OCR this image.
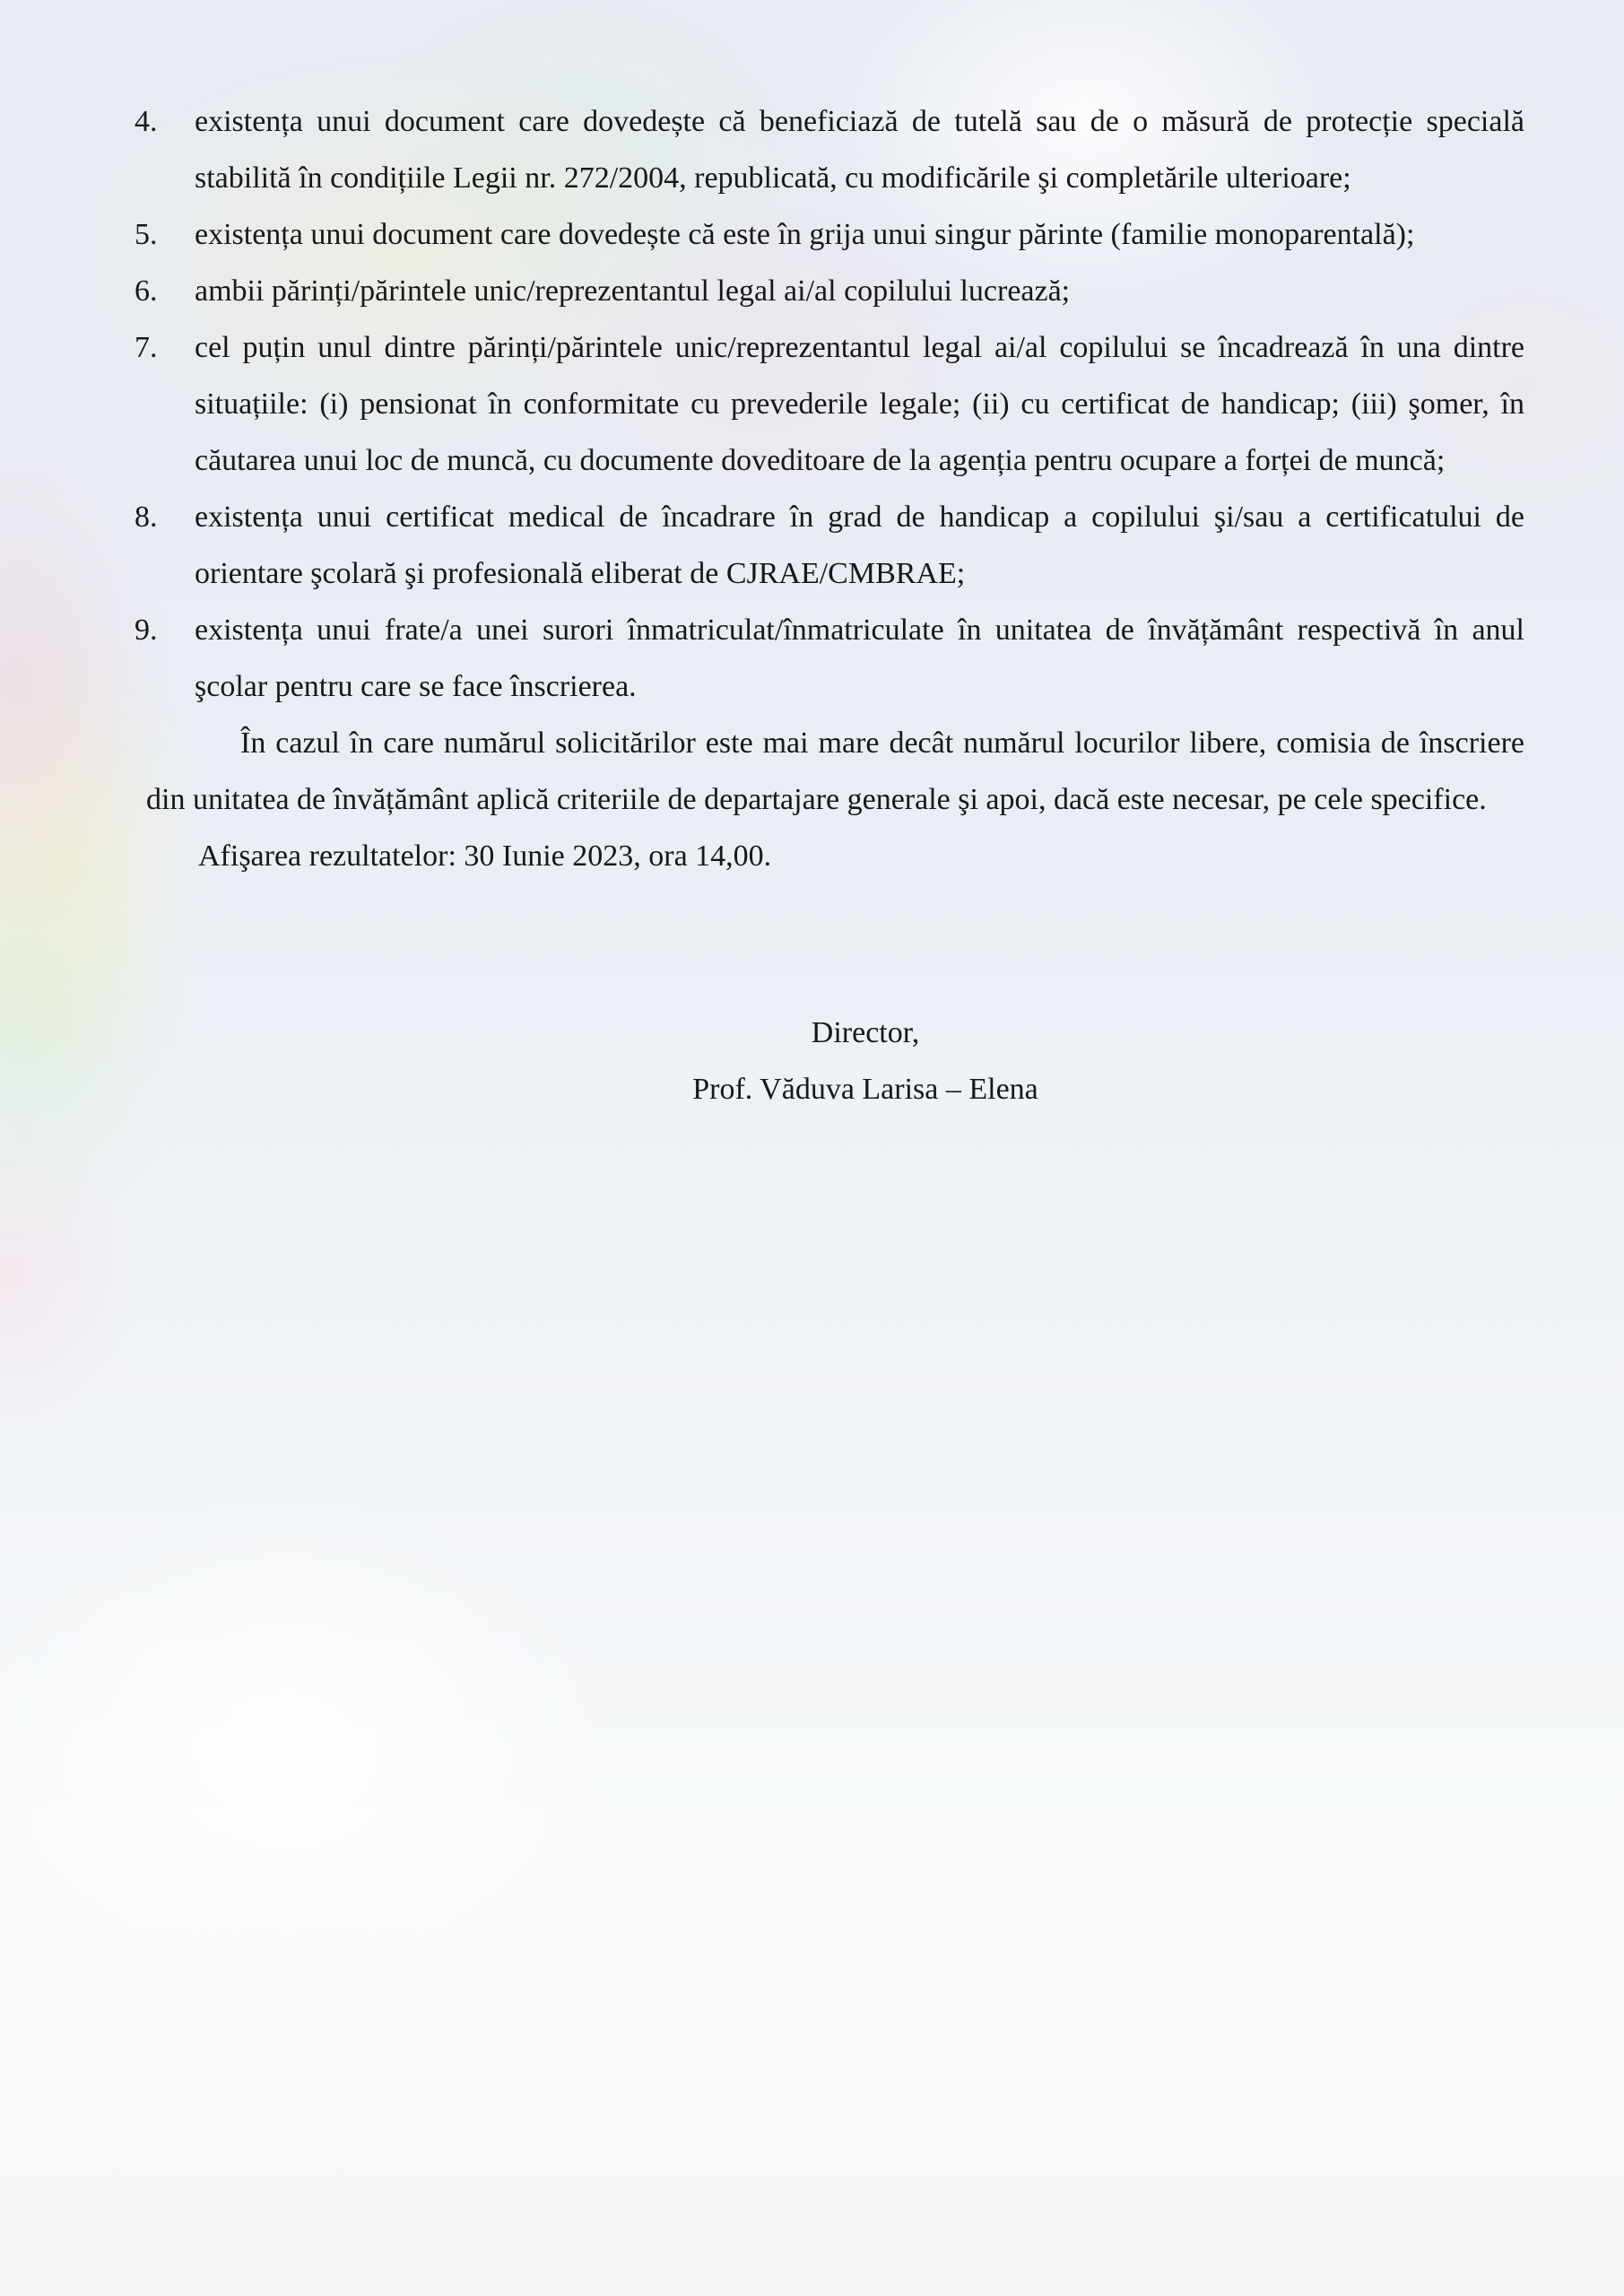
4. existența unui document care dovedește că beneficiază de tutelă sau de o măsură de protecție specială stabilită în condițiile Legii nr. 272/2004, republicată, cu modificările şi completările ulterioare;
5. existența unui document care dovedește că este în grija unui singur părinte (familie monoparentală);
6. ambii părinți/părintele unic/reprezentantul legal ai/al copilului lucrează;
7. cel puțin unul dintre părinți/părintele unic/reprezentantul legal ai/al copilului se încadrează în una dintre situațiile: (i) pensionat în conformitate cu prevederile legale; (ii) cu certificat de handicap; (iii) şomer, în căutarea unui loc de muncă, cu documente doveditoare de la agenția pentru ocupare a forței de muncă;
8. existența unui certificat medical de încadrare în grad de handicap a copilului şi/sau a certificatului de orientare şcolară şi profesională eliberat de CJRAE/CMBRAE;
9. existența unui frate/a unei surori înmatriculat/înmatriculate în unitatea de învățământ respectivă în anul şcolar pentru care se face înscrierea.
În cazul în care numărul solicitărilor este mai mare decât numărul locurilor libere, comisia de înscriere din unitatea de învățământ aplică criteriile de departajare generale şi apoi, dacă este necesar, pe cele specifice.
Afişarea rezultatelor: 30 Iunie 2023, ora 14,00.
Director,
Prof. Văduva Larisa – Elena
